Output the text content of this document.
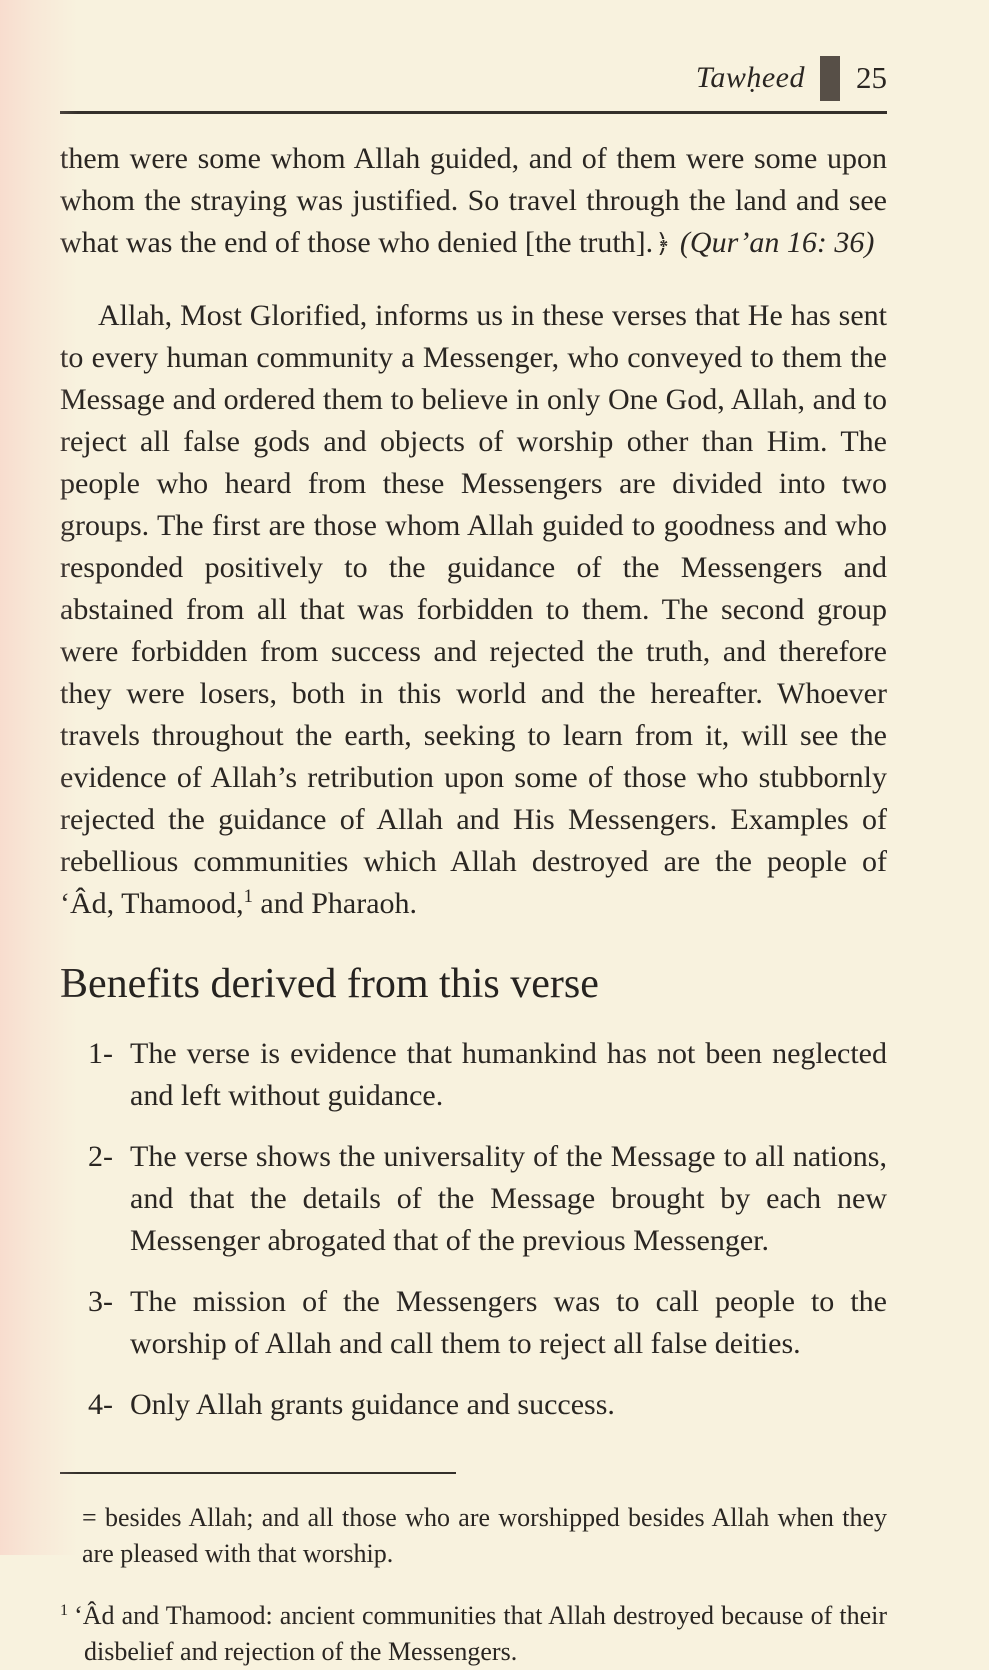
Tawḥeed 25

them were some whom Allah guided, and of them were some upon whom the straying was justified. So travel through the land and see what was the end of those who denied [the truth].﴿ (Qur’an 16: 36)

Allah, Most Glorified, informs us in these verses that He has sent to every human community a Messenger, who conveyed to them the Message and ordered them to believe in only One God, Allah, and to reject all false gods and objects of worship other than Him. The people who heard from these Messengers are divided into two groups. The first are those whom Allah guided to goodness and who responded positively to the guidance of the Messengers and abstained from all that was forbidden to them. The second group were forbidden from success and rejected the truth, and therefore they were losers, both in this world and the hereafter. Whoever travels throughout the earth, seeking to learn from it, will see the evidence of Allah’s retribution upon some of those who stubbornly rejected the guidance of Allah and His Messengers. Examples of rebellious communities which Allah destroyed are the people of ‘Âd, Thamood,$^1$ and Pharaoh.

Benefits derived from this verse
1- The verse is evidence that humankind has not been neglected and left without guidance.
2- The verse shows the universality of the Message to all nations, and that the details of the Message brought by each new Messenger abrogated that of the previous Messenger.
3- The mission of the Messengers was to call people to the worship of Allah and call them to reject all false deities.
4- Only Allah grants guidance and success.

= besides Allah; and all those who are worshipped besides Allah when they are pleased with that worship.

$^1$ ‘Âd and Thamood: ancient communities that Allah destroyed because of their disbelief and rejection of the Messengers.
